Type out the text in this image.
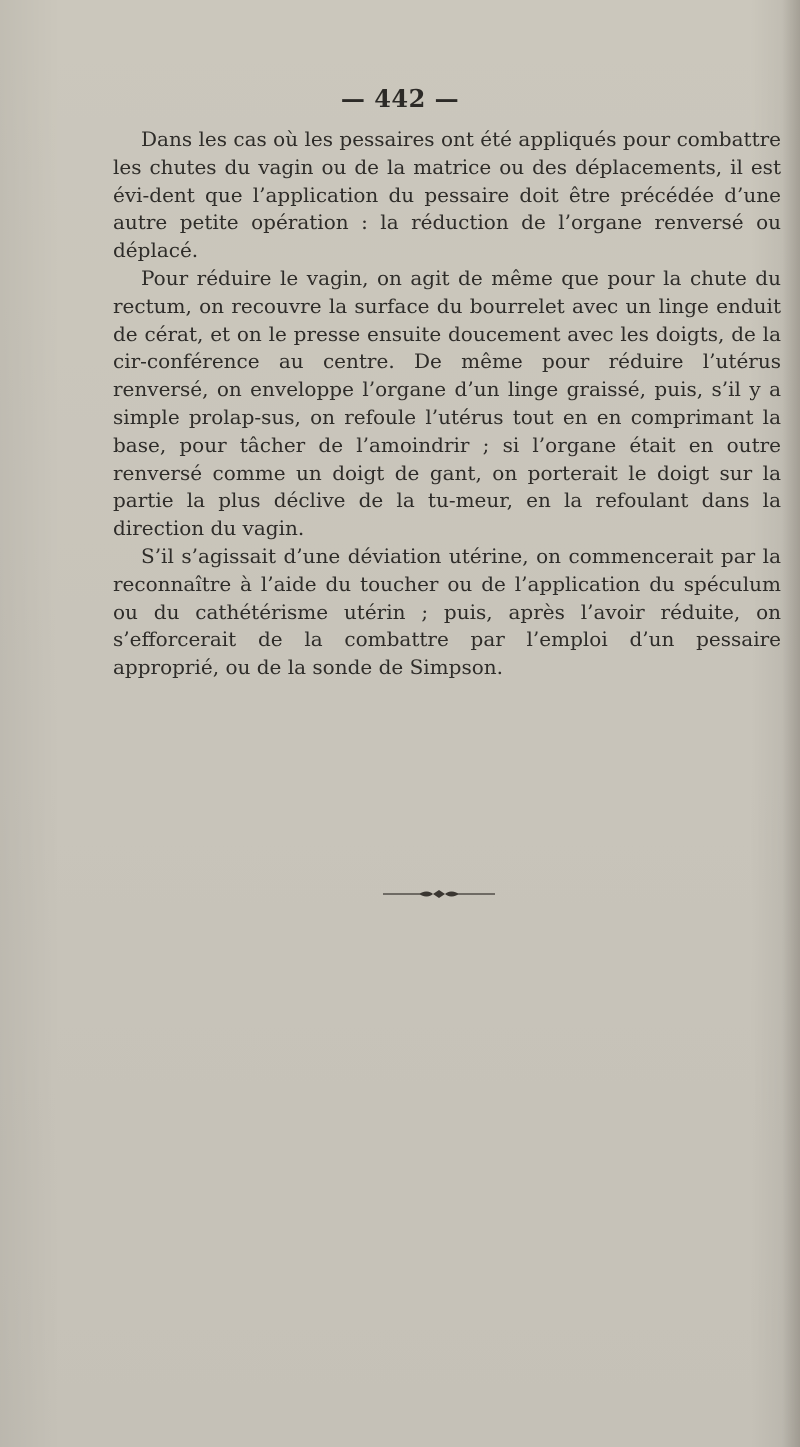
— 442 —

Dans les cas où les pessaires ont été appliqués pour combattre les chutes du vagin ou de la matrice ou des déplacements, il est évi-dent que l’application du pessaire doit être précédée d’une autre petite opération : la réduction de l’organe renversé ou déplacé.

Pour réduire le vagin, on agit de même que pour la chute du rectum, on recouvre la surface du bourrelet avec un linge enduit de cérat, et on le presse ensuite doucement avec les doigts, de la cir-conférence au centre. De même pour réduire l’utérus renversé, on enveloppe l’organe d’un linge graissé, puis, s’il y a simple prolap-sus, on refoule l’utérus tout en en comprimant la base, pour tâcher de l’amoindrir ; si l’organe était en outre renversé comme un doigt de gant, on porterait le doigt sur la partie la plus déclive de la tu-meur, en la refoulant dans la direction du vagin.

S’il s’agissait d’une déviation utérine, on commencerait par la reconnaître à l’aide du toucher ou de l’application du spéculum ou du cathétérisme utérin ; puis, après l’avoir réduite, on s’efforcerait de la combattre par l’emploi d’un pessaire approprié, ou de la sonde de Simpson.
